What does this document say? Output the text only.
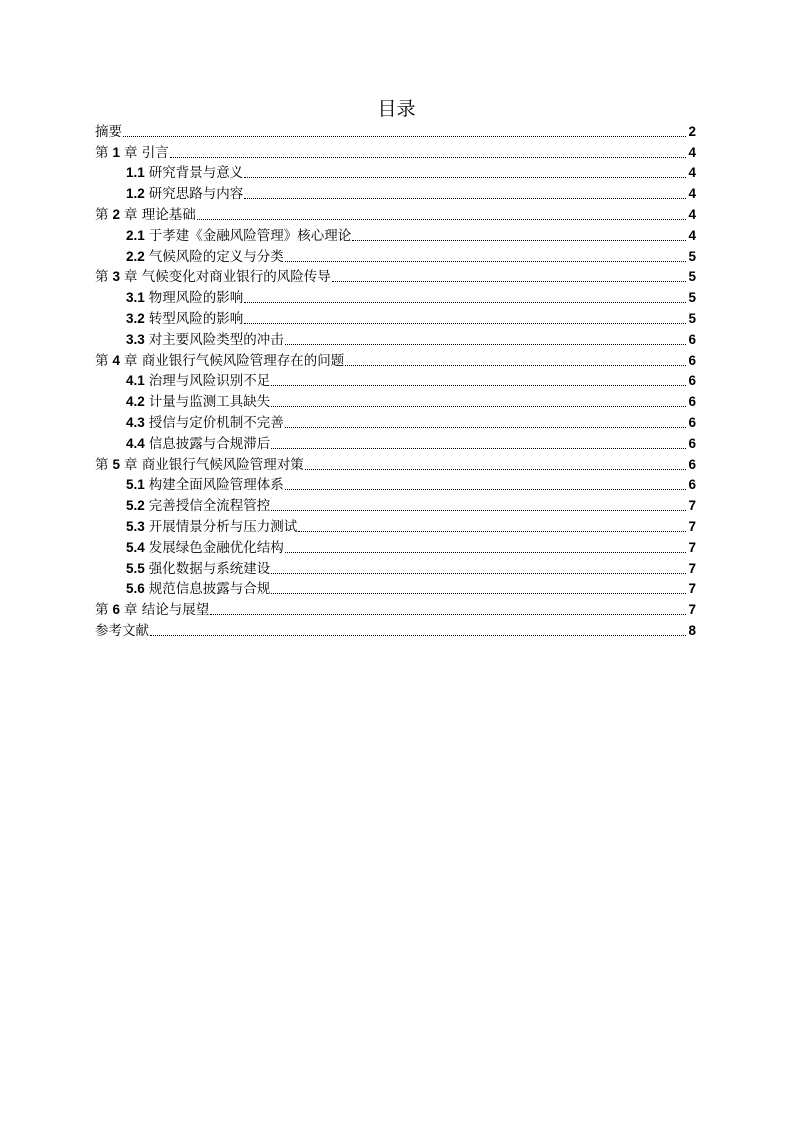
目录
摘要	2
第 1 章 引言	4
1.1 研究背景与意义	4
1.2 研究思路与内容	4
第 2 章 理论基础	4
2.1 于孝建《金融风险管理》核心理论	4
2.2 气候风险的定义与分类	5
第 3 章 气候变化对商业银行的风险传导	5
3.1 物理风险的影响	5
3.2 转型风险的影响	5
3.3 对主要风险类型的冲击	6
第 4 章 商业银行气候风险管理存在的问题	6
4.1 治理与风险识别不足	6
4.2 计量与监测工具缺失	6
4.3 授信与定价机制不完善	6
4.4 信息披露与合规滞后	6
第 5 章 商业银行气候风险管理对策	6
5.1 构建全面风险管理体系	6
5.2 完善授信全流程管控	7
5.3 开展情景分析与压力测试	7
5.4 发展绿色金融优化结构	7
5.5 强化数据与系统建设	7
5.6 规范信息披露与合规	7
第 6 章 结论与展望	7
参考文献	8
